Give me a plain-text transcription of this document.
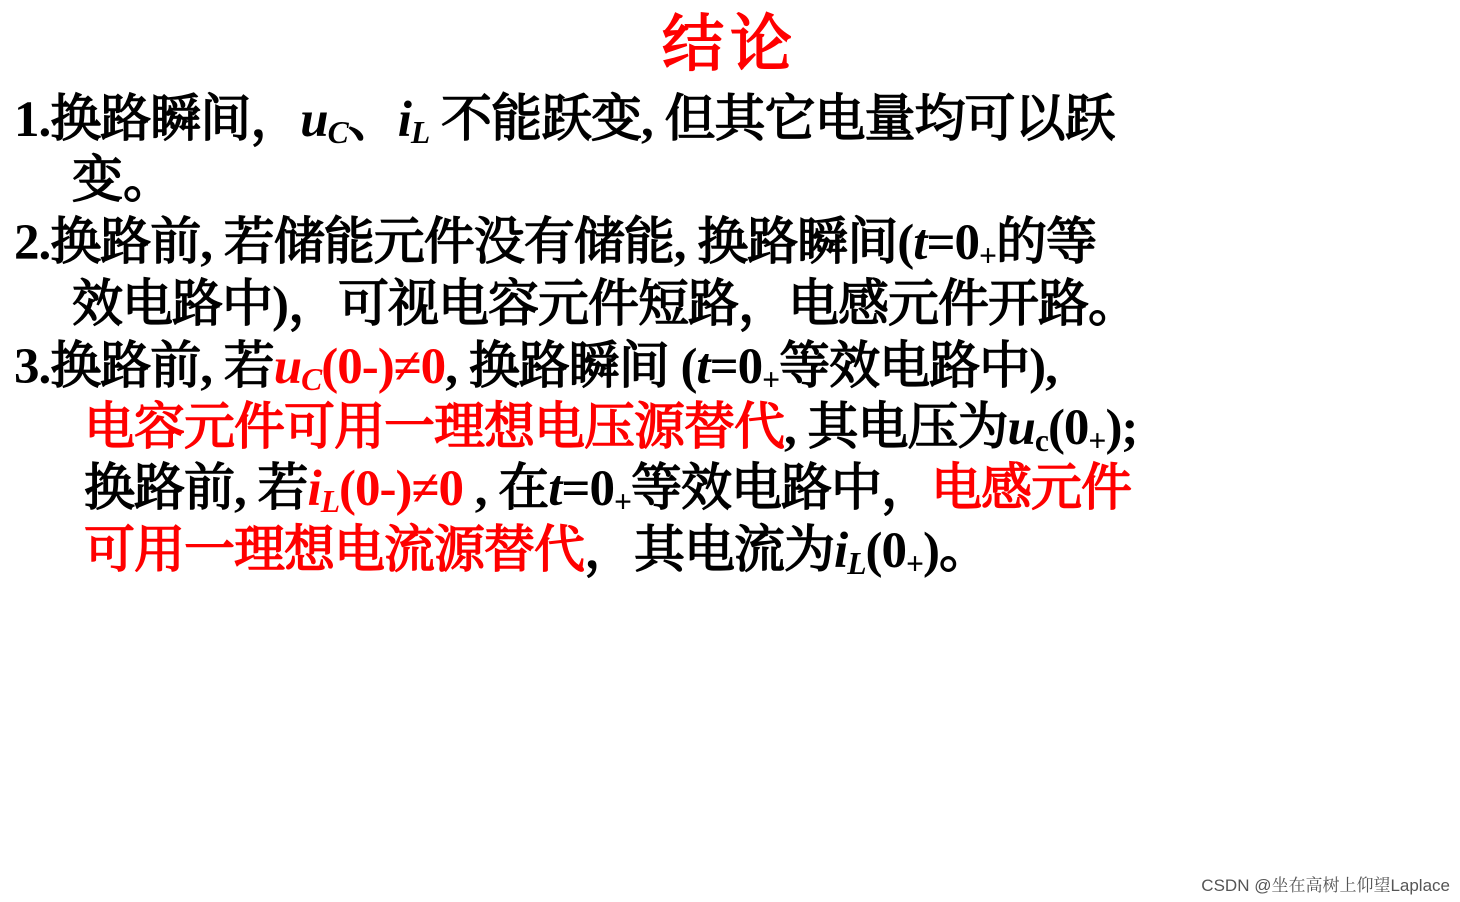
结论
1.换路瞬间，uC、iL 不能跃变, 但其它电量均可以跃
变。
2.换路前, 若储能元件没有储能, 换路瞬间($t=0_+$的等
效电路中)，可视电容元件短路，电感元件开路。
3.换路前, 若uC(0-)≠0, 换路瞬间 ($t=0_+$等效电路中),
电容元件可用一理想电压源替代, 其电压为$u_c(0_+)$;
换路前, 若iL(0-)≠0 , 在$t=0_+$等效电路中，电感元件
可用一理想电流源替代，其电流为$iL(0_+)$。
CSDN @坐在高树上仰望Laplace
